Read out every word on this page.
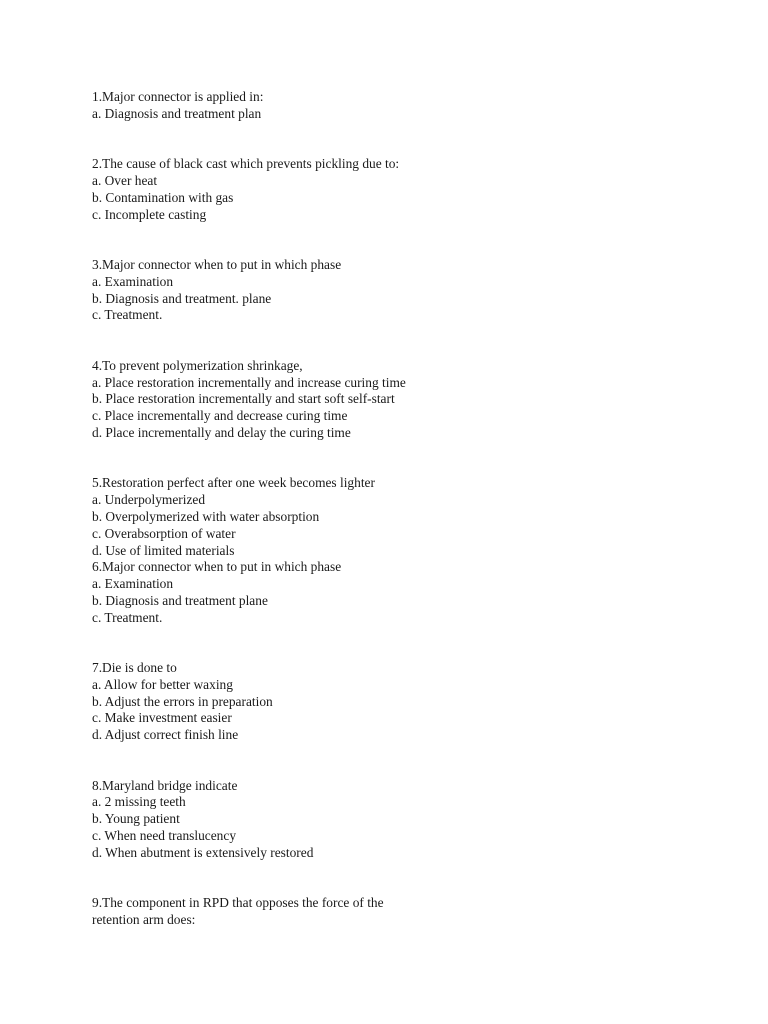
1.Major connector is applied in:
a. Diagnosis and treatment plan
2.The cause of black cast which prevents pickling due to:
a. Over heat
b. Contamination with gas
c. Incomplete casting
3.Major connector when to put in which phase
a. Examination
b. Diagnosis and treatment. plane
c. Treatment.
4.To prevent polymerization shrinkage,
a. Place restoration incrementally and increase curing time
b. Place restoration incrementally and start soft self-start
c. Place incrementally and decrease curing time
d. Place incrementally and delay the curing time
5.Restoration perfect after one week becomes lighter
a. Underpolymerized
b. Overpolymerized with water absorption
c. Overabsorption of water
d. Use of limited materials
6.Major connector when to put in which phase
a. Examination
b. Diagnosis and treatment plane
c. Treatment.
7.Die is done to
a. Allow for better waxing
b. Adjust the errors in preparation
c. Make investment easier
d. Adjust correct finish line
8.Maryland bridge indicate
a. 2 missing teeth
b. Young patient
c. When need translucency
d. When abutment is extensively restored
9.The component in RPD that opposes the force of the
retention arm does:
